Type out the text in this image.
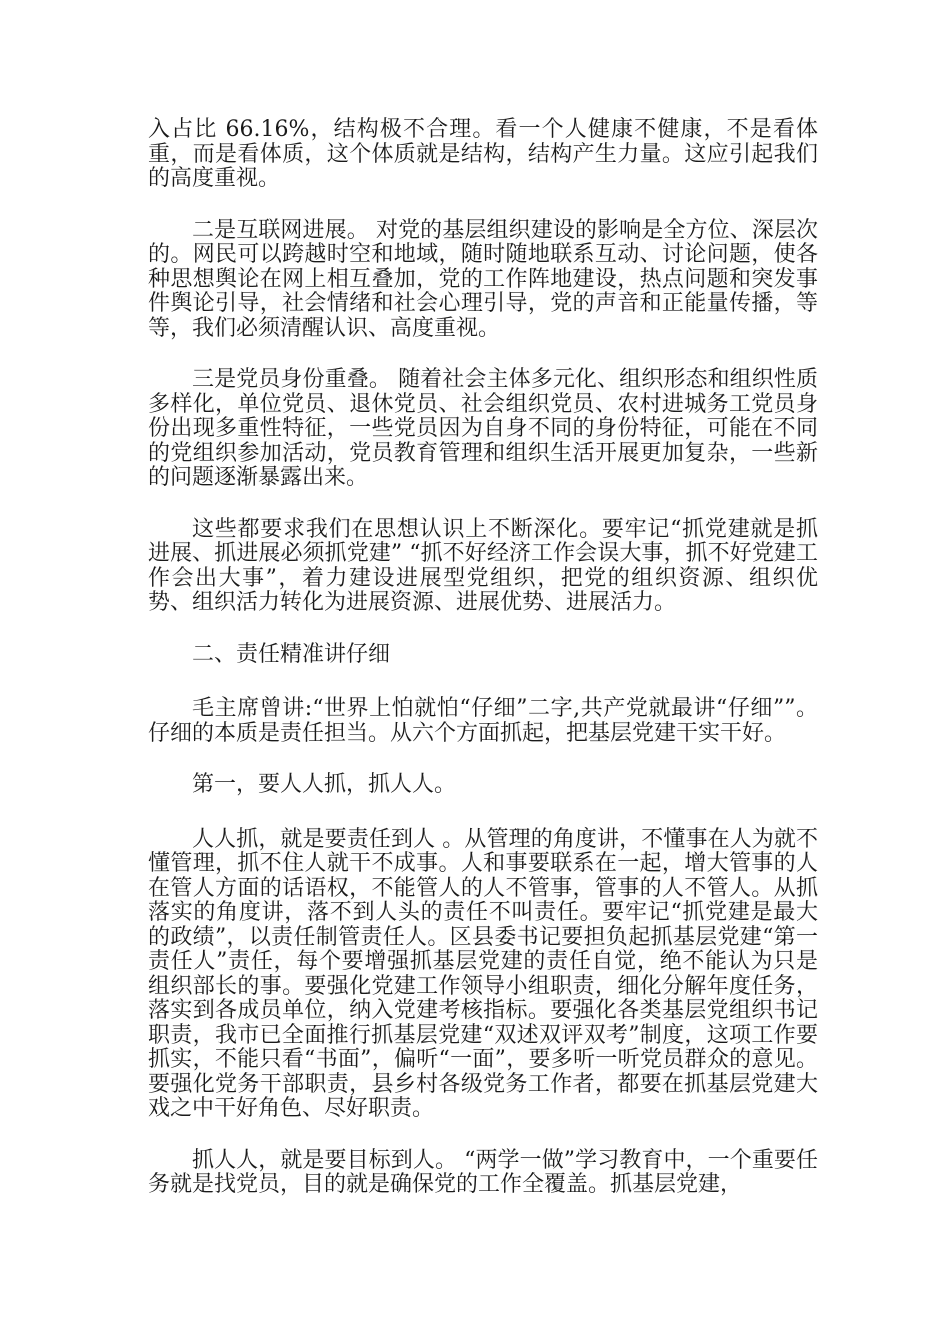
入占比 66.16%，结构极不合理。看一个人健康不健康，不是看体重，而是看体质，这个体质就是结构，结构产生力量。这应引起我们的高度重视。

二是互联网进展。 对党的基层组织建设的影响是全方位、深层次的。网民可以跨越时空和地域，随时随地联系互动、讨论问题，使各种思想舆论在网上相互叠加，党的工作阵地建设，热点问题和突发事件舆论引导，社会情绪和社会心理引导，党的声音和正能量传播，等等，我们必须清醒认识、高度重视。

三是党员身份重叠。 随着社会主体多元化、组织形态和组织性质多样化，单位党员、退休党员、社会组织党员、农村进城务工党员身份出现多重性特征，一些党员因为自身不同的身份特征，可能在不同的党组织参加活动，党员教育管理和组织生活开展更加复杂，一些新的问题逐渐暴露出来。

这些都要求我们在思想认识上不断深化。要牢记“抓党建就是抓进展、抓进展必须抓党建” “抓不好经济工作会误大事，抓不好党建工作会出大事”，着力建设进展型党组织，把党的组织资源、组织优势、组织活力转化为进展资源、进展优势、进展活力。

二、责任精准讲仔细

毛主席曾讲:“世界上怕就怕“仔细”二字,共产党就最讲“仔细””。仔细的本质是责任担当。从六个方面抓起，把基层党建干实干好。

第一，要人人抓，抓人人。

人人抓，就是要责任到人 。从管理的角度讲，不懂事在人为就不懂管理，抓不住人就干不成事。人和事要联系在一起，增大管事的人在管人方面的话语权，不能管人的人不管事，管事的人不管人。从抓落实的角度讲，落不到人头的责任不叫责任。要牢记“抓党建是最大的政绩”，以责任制管责任人。区县委书记要担负起抓基层党建“第一责任人”责任，每个要增强抓基层党建的责任自觉，绝不能认为只是组织部长的事。要强化党建工作领导小组职责，细化分解年度任务，落实到各成员单位，纳入党建考核指标。要强化各类基层党组织书记职责，我市已全面推行抓基层党建“双述双评双考”制度，这项工作要抓实，不能只看“书面”，偏听“一面”，要多听一听党员群众的意见。要强化党务干部职责，县乡村各级党务工作者，都要在抓基层党建大戏之中干好角色、尽好职责。

抓人人，就是要目标到人。 “两学一做”学习教育中，一个重要任务就是找党员，目的就是确保党的工作全覆盖。抓基层党建，
